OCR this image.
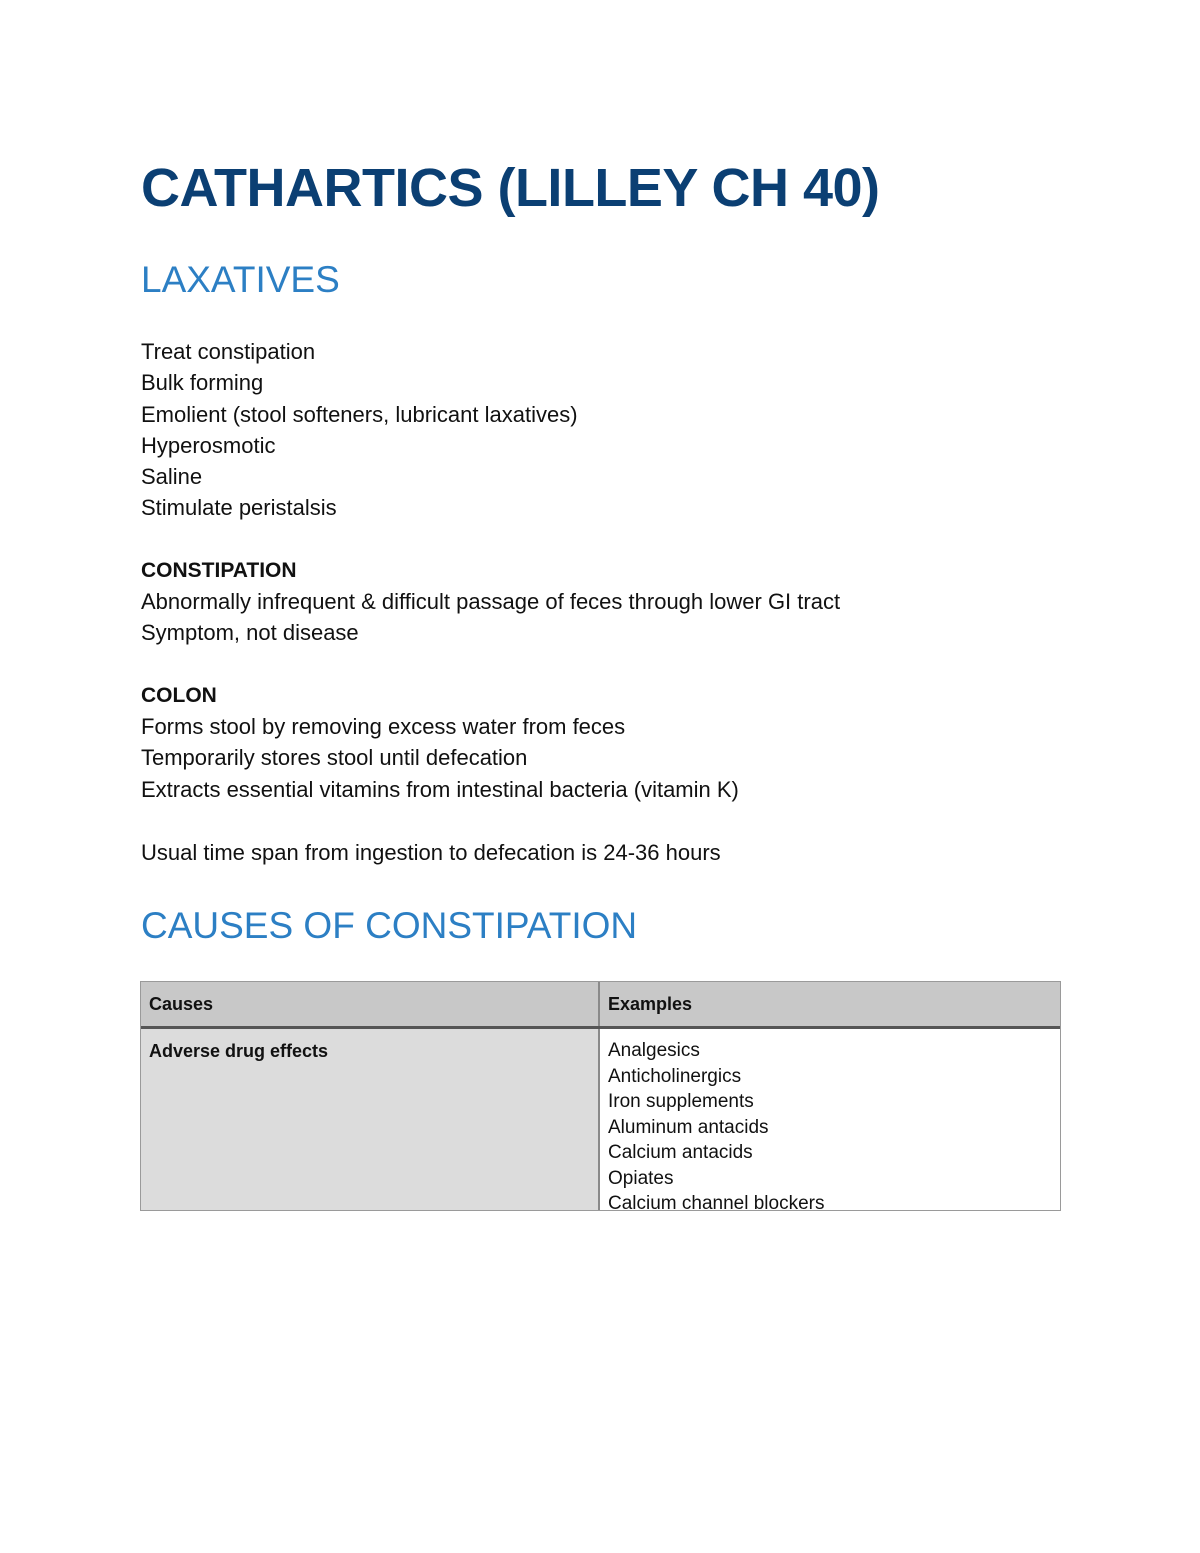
CATHARTICS (LILLEY CH 40)
LAXATIVES
Treat constipation
Bulk forming
Emolient (stool softeners, lubricant laxatives)
Hyperosmotic
Saline
Stimulate peristalsis
CONSTIPATION
Abnormally infrequent & difficult passage of feces through lower GI tract
Symptom, not disease
COLON
Forms stool by removing excess water from feces
Temporarily stores stool until defecation
Extracts essential vitamins from intestinal bacteria (vitamin K)

Usual time span from ingestion to defecation is 24-36 hours

CAUSES OF CONSTIPATION
Causes	Examples
Adverse drug effects	Analgesics
Anticholinergics
Iron supplements
Aluminum antacids
Calcium antacids
Opiates
Calcium channel blockers
